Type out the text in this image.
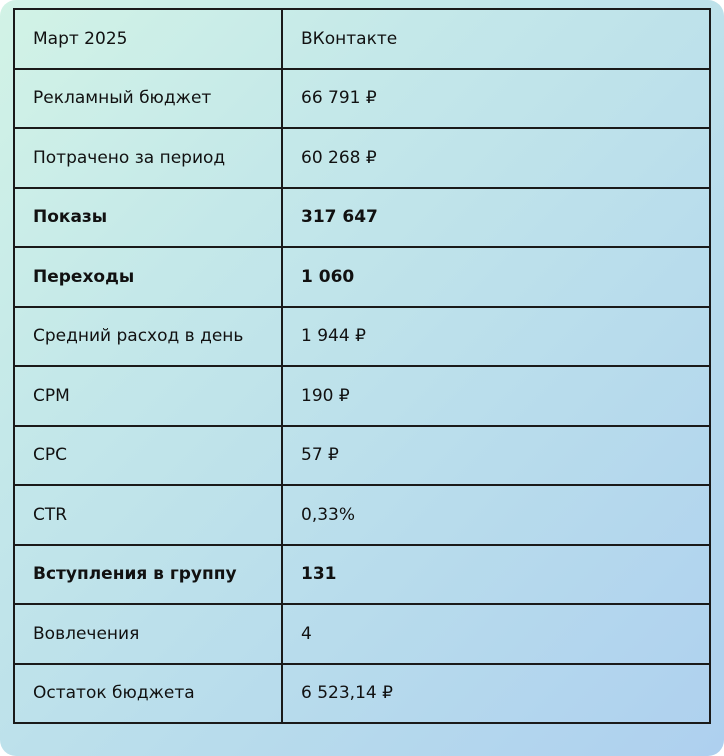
Март 2025	ВКонтакте
Рекламный бюджет	66 791 ₽
Потрачено за период	60 268 ₽
Показы	317 647
Переходы	1 060
Средний расход в день	1 944 ₽
CPM	190 ₽
CPC	57 ₽
CTR	0,33%
Вступления в группу	131
Вовлечения	4
Остаток бюджета	6 523,14 ₽
